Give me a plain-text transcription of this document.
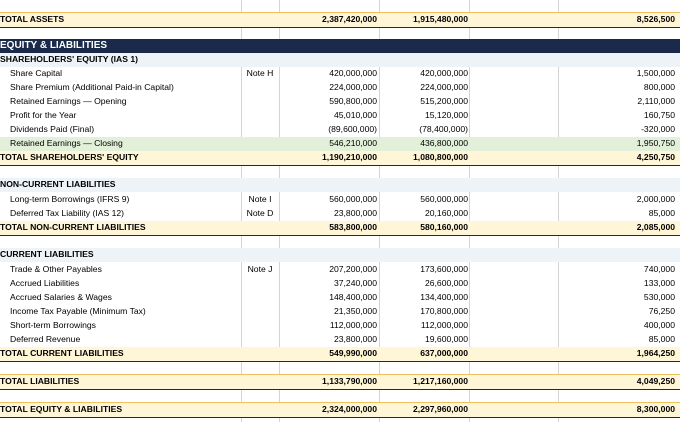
TOTAL ASSETS	2,387,420,000	1,915,480,000	8,526,500
EQUITY & LIABILITIES
SHAREHOLDERS' EQUITY (IAS 1)
Share Capital	Note H	420,000,000	420,000,000	1,500,000
Share Premium (Additional Paid-in Capital)	224,000,000	224,000,000	800,000
Retained Earnings — Opening	590,800,000	515,200,000	2,110,000
Profit for the Year	45,010,000	15,120,000	160,750
Dividends Paid (Final)	(89,600,000)	(78,400,000)	-320,000
Retained Earnings — Closing	546,210,000	436,800,000	1,950,750
TOTAL SHAREHOLDERS' EQUITY	1,190,210,000	1,080,800,000	4,250,750
NON-CURRENT LIABILITIES
Long-term Borrowings (IFRS 9)	Note I	560,000,000	560,000,000	2,000,000
Deferred Tax Liability (IAS 12)	Note D	23,800,000	20,160,000	85,000
TOTAL NON-CURRENT LIABILITIES	583,800,000	580,160,000	2,085,000
CURRENT LIABILITIES
Trade & Other Payables	Note J	207,200,000	173,600,000	740,000
Accrued Liabilities	37,240,000	26,600,000	133,000
Accrued Salaries & Wages	148,400,000	134,400,000	530,000
Income Tax Payable (Minimum Tax)	21,350,000	170,800,000	76,250
Short-term Borrowings	112,000,000	112,000,000	400,000
Deferred Revenue	23,800,000	19,600,000	85,000
TOTAL CURRENT LIABILITIES	549,990,000	637,000,000	1,964,250
TOTAL LIABILITIES	1,133,790,000	1,217,160,000	4,049,250
TOTAL EQUITY & LIABILITIES	2,324,000,000	2,297,960,000	8,300,000
